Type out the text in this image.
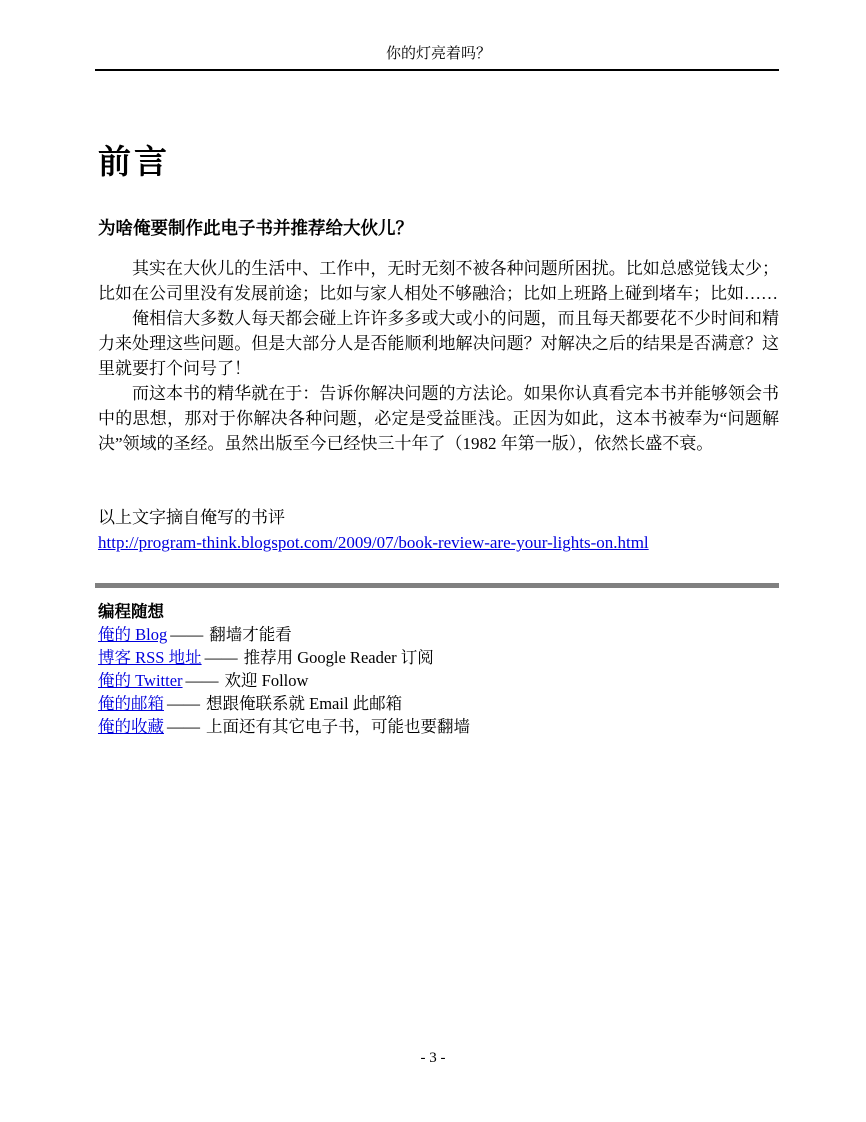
你的灯亮着吗？
前言
为啥俺要制作此电子书并推荐给大伙儿？

其实在大伙儿的生活中、工作中，无时无刻不被各种问题所困扰。比如总感觉钱太少；比如在公司里没有发展前途；比如与家人相处不够融洽；比如上班路上碰到堵车；比如……

俺相信大多数人每天都会碰上许许多多或大或小的问题，而且每天都要花不少时间和精力来处理这些问题。但是大部分人是否能顺利地解决问题？对解决之后的结果是否满意？这里就要打个问号了！

而这本书的精华就在于：告诉你解决问题的方法论。如果你认真看完本书并能够领会书中的思想，那对于你解决各种问题，必定是受益匪浅。正因为如此，这本书被奉为“问题解决”领域的圣经。虽然出版至今已经快三十年了（1982 年第一版），依然长盛不衰。

以上文字摘自俺写的书评
http://program-think.blogspot.com/2009/07/book-review-are-your-lights-on.html
编程随想
俺的 Blog —— 翻墙才能看
博客 RSS 地址 —— 推荐用 Google Reader 订阅
俺的 Twitter —— 欢迎 Follow
俺的邮箱 —— 想跟俺联系就 Email 此邮箱
俺的收藏 —— 上面还有其它电子书，可能也要翻墙
- 3 -
